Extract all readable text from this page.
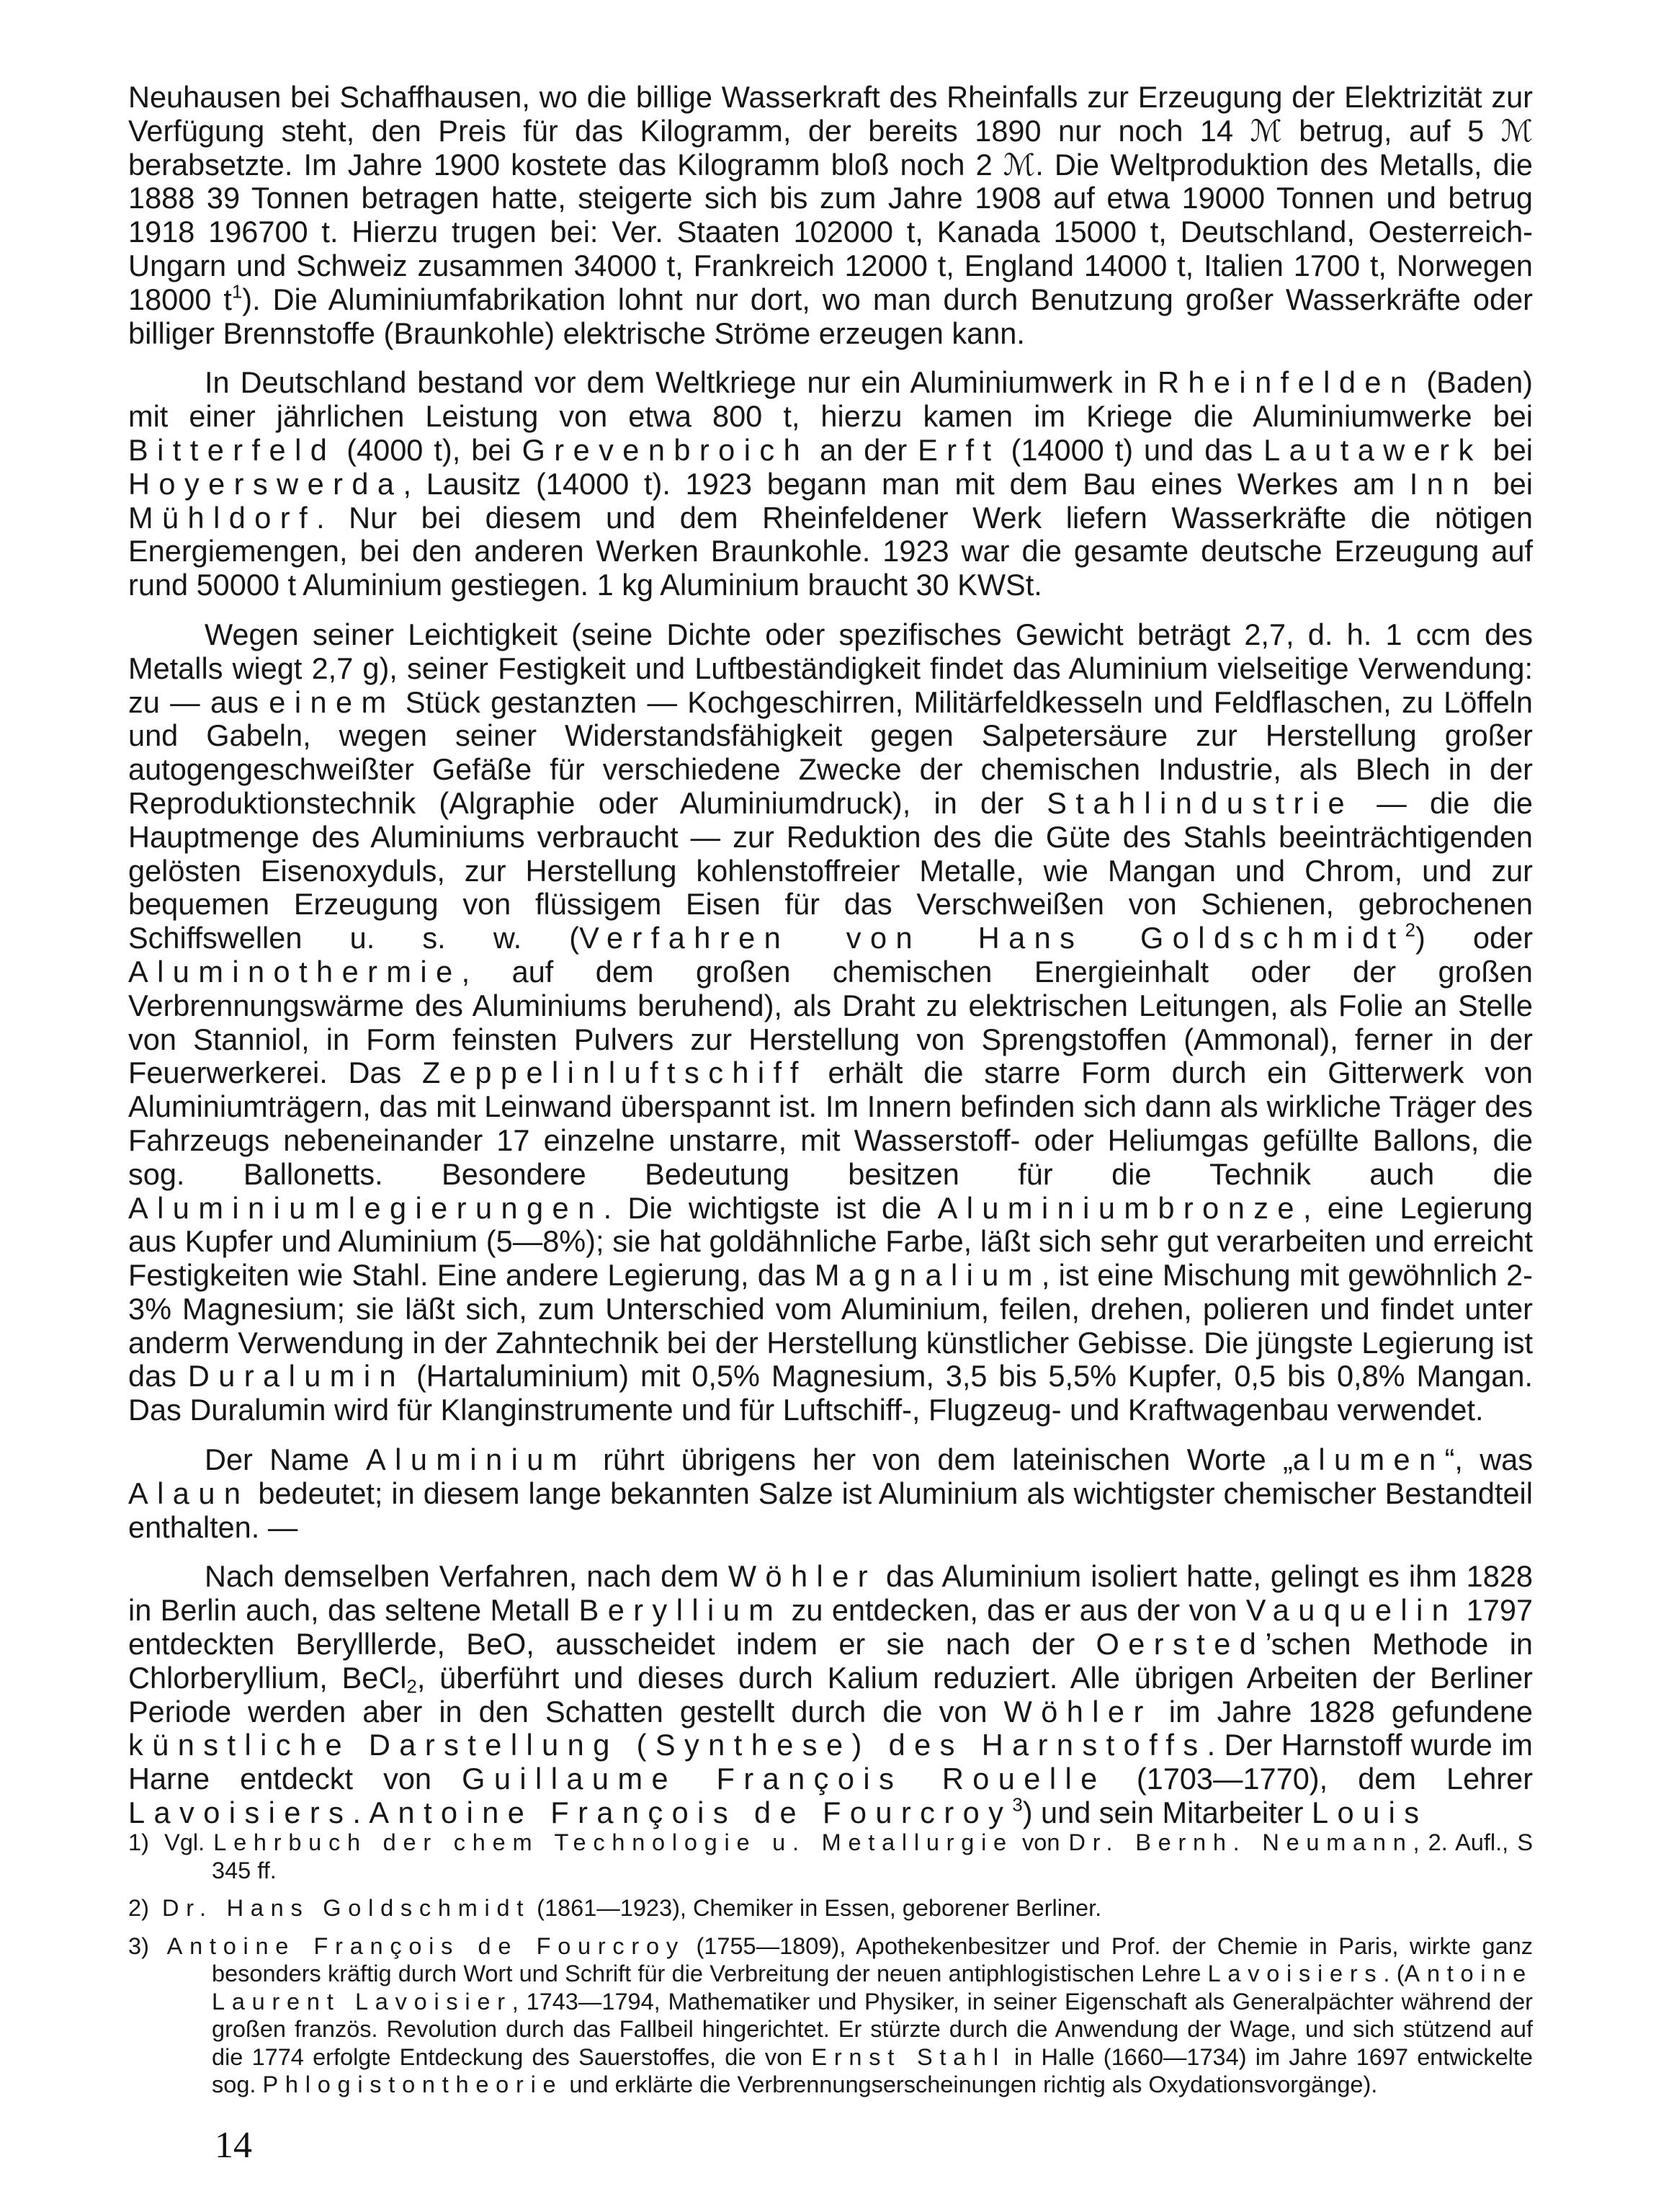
Neuhausen bei Schaffhausen, wo die billige Wasserkraft des Rheinfalls zur Erzeugung der Elektrizität zur Verfügung steht, den Preis für das Kilogramm, der bereits 1890 nur noch 14 ℳ betrug, auf 5 ℳ berabsetzte. Im Jahre 1900 kostete das Kilogramm bloß noch 2 ℳ. Die Weltproduktion des Metalls, die 1888 39 Tonnen betragen hatte, steigerte sich bis zum Jahre 1908 auf etwa 19000 Tonnen und betrug 1918 196700 t. Hierzu trugen bei: Ver. Staaten 102000 t, Kanada 15000 t, Deutschland, Oesterreich-Ungarn und Schweiz zusammen 34000 t, Frankreich 12000 t, England 14000 t, Italien 1700 t, Norwegen 18000 $t^1$). Die Aluminiumfabrikation lohnt nur dort, wo man durch Benutzung großer Wasserkräfte oder billiger Brennstoffe (Braunkohle) elektrische Ströme erzeugen kann.

In Deutschland bestand vor dem Weltkriege nur ein Aluminiumwerk in Rheinfelden (Baden) mit einer jährlichen Leistung von etwa 800 t, hierzu kamen im Kriege die Aluminiumwerke bei Bitterfeld (4000 t), bei Grevenbroich an der Erft (14000 t) und das Lautawerk bei Hoyerswerda, Lausitz (14000 t). 1923 begann man mit dem Bau eines Werkes am Inn bei Mühldorf. Nur bei diesem und dem Rheinfeldener Werk liefern Wasserkräfte die nötigen Energiemengen, bei den anderen Werken Braunkohle. 1923 war die gesamte deutsche Erzeugung auf rund 50000 t Aluminium gestiegen. 1 kg Aluminium braucht 30 KWSt.

Wegen seiner Leichtigkeit (seine Dichte oder spezifisches Gewicht beträgt 2,7, d. h. 1 ccm des Metalls wiegt 2,7 g), seiner Festigkeit und Luftbeständigkeit findet das Aluminium vielseitige Verwendung: zu — aus einem Stück gestanzten — Kochgeschirren, Militärfeldkesseln und Feldflaschen, zu Löffeln und Gabeln, wegen seiner Widerstandsfähigkeit gegen Salpetersäure zur Herstellung großer autogengeschweißter Gefäße für verschiedene Zwecke der chemischen Industrie, als Blech in der Reproduktionstechnik (Algraphie oder Aluminiumdruck), in der Stahlindustrie — die die Hauptmenge des Aluminiums verbraucht — zur Reduktion des die Güte des Stahls beeinträchtigenden gelösten Eisenoxyduls, zur Herstellung kohlenstoffreier Metalle, wie Mangan und Chrom, und zur bequemen Erzeugung von flüssigem Eisen für das Verschweißen von Schienen, gebrochenen Schiffswellen u. s. w. (Verfahren von Hans Goldschmidt$^2$) oder Aluminothermie, auf dem großen chemischen Energieinhalt oder der großen Verbrennungswärme des Aluminiums beruhend), als Draht zu elektrischen Leitungen, als Folie an Stelle von Stanniol, in Form feinsten Pulvers zur Herstellung von Sprengstoffen (Ammonal), ferner in der Feuerwerkerei. Das Zeppelinluftschiff erhält die starre Form durch ein Gitterwerk von Aluminiumträgern, das mit Leinwand überspannt ist. Im Innern befinden sich dann als wirkliche Träger des Fahrzeugs nebeneinander 17 einzelne unstarre, mit Wasserstoff- oder Heliumgas gefüllte Ballons, die sog. Ballonetts. Besondere Bedeutung besitzen für die Technik auch die Aluminiumlegierungen. Die wichtigste ist die Aluminiumbronze, eine Legierung aus Kupfer und Aluminium (5—8%); sie hat goldähnliche Farbe, läßt sich sehr gut verarbeiten und erreicht Festigkeiten wie Stahl. Eine andere Legierung, das Magnalium, ist eine Mischung mit gewöhnlich 2-3% Magnesium; sie läßt sich, zum Unterschied vom Aluminium, feilen, drehen, polieren und findet unter anderm Verwendung in der Zahntechnik bei der Herstellung künstlicher Gebisse. Die jüngste Legierung ist das Duralumin (Hartaluminium) mit 0,5% Magnesium, 3,5 bis 5,5% Kupfer, 0,5 bis 0,8% Mangan. Das Duralumin wird für Klanginstrumente und für Luftschiff-, Flugzeug- und Kraftwagenbau verwendet.

Der Name Aluminium rührt übrigens her von dem lateinischen Worte „alumen“, was Alaun bedeutet; in diesem lange bekannten Salze ist Aluminium als wichtigster chemischer Bestandteil enthalten. —

Nach demselben Verfahren, nach dem Wöhler das Aluminium isoliert hatte, gelingt es ihm 1828 in Berlin auch, das seltene Metall Beryllium zu entdecken, das er aus der von Vauquelin 1797 entdeckten Berylllerde, BeO, ausscheidet indem er sie nach der Oersted’schen Methode in Chlorberyllium, BeCl$_2$, überführt und dieses durch Kalium reduziert. Alle übrigen Arbeiten der Berliner Periode werden aber in den Schatten gestellt durch die von Wöhler im Jahre 1828 gefundene künstliche Darstellung (Synthese) des Harnstoffs. Der Harnstoff wurde im Harne entdeckt von Guillaume François Rouelle (1703—1770), dem Lehrer Lavoisiers. Antoine François de Fourcroy$^3$) und sein Mitarbeiter Louis

1) Vgl. Lehrbuch der chem Technologie u. Metallurgie von Dr. Bernh. Neumann, 2. Aufl., S 345 ff.

2) Dr. Hans Goldschmidt (1861—1923), Chemiker in Essen, geborener Berliner.

3) Antoine François de Fourcroy (1755—1809), Apothekenbesitzer und Prof. der Chemie in Paris, wirkte ganz besonders kräftig durch Wort und Schrift für die Verbreitung der neuen antiphlogistischen Lehre Lavoisiers. (Antoine Laurent Lavoisier, 1743—1794, Mathematiker und Physiker, in seiner Eigenschaft als Generalpächter während der großen französ. Revolution durch das Fallbeil hingerichtet. Er stürzte durch die Anwendung der Wage, und sich stützend auf die 1774 erfolgte Entdeckung des Sauerstoffes, die von Ernst Stahl in Halle (1660—1734) im Jahre 1697 entwickelte sog. Phlogistontheorie und erklärte die Verbrennungserscheinungen richtig als Oxydationsvorgänge).

14
